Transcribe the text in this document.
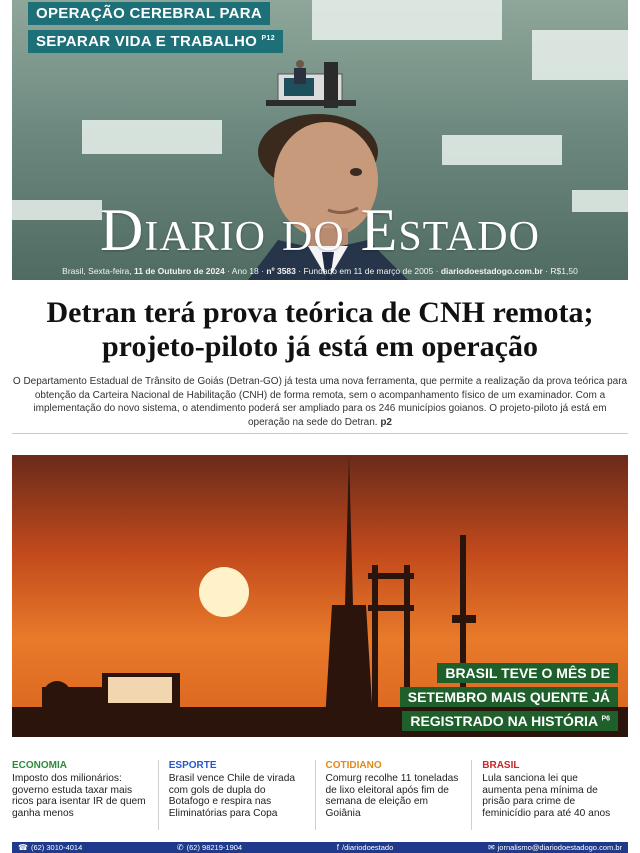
OPERAÇÃO CEREBRAL PARA
SEPARAR VIDA E TRABALHO $^{P12}$
Diario do Estado
Brasil, Sexta-feira, 11 de Outubro de 2024 · Ano 18 · nº 3583 · Fundado em 11 de março de 2005 · diariodoestadogo.com.br · R$1,50
Detran terá prova teórica de CNH remota;
projeto-piloto já está em operação
O Departamento Estadual de Trânsito de Goiás (Detran-GO) já testa uma nova ferramenta, que permite a realização da prova teórica para obtenção da Carteira Nacional de Habilitação (CNH) de forma remota, sem o acompanhamento físico de um examinador. Com a implementação do novo sistema, o atendimento poderá ser ampliado para os 246 municípios goianos. O projeto-piloto já está em operação na sede do Detran. p2
BRASIL TEVE O MÊS DE
SETEMBRO MAIS QUENTE JÁ
REGISTRADO NA HISTÓRIA $^{P6}$
ECONOMIA
Imposto dos milionários: governo estuda taxar mais ricos para isentar IR de quem ganha menos
ESPORTE
Brasil vence Chile de virada com gols de dupla do Botafogo e respira nas Eliminatórias para Copa
COTIDIANO
Comurg recolhe 11 toneladas de lixo eleitoral após fim de semana de eleição em Goiânia
BRASIL
Lula sanciona lei que aumenta pena mínima de prisão para crime de feminicídio para até 40 anos
☎ (62) 3010-4014	✆ (62) 98219-1904	f /diariodoestado	✉ jornalismo@diariodoestadogo.com.br
